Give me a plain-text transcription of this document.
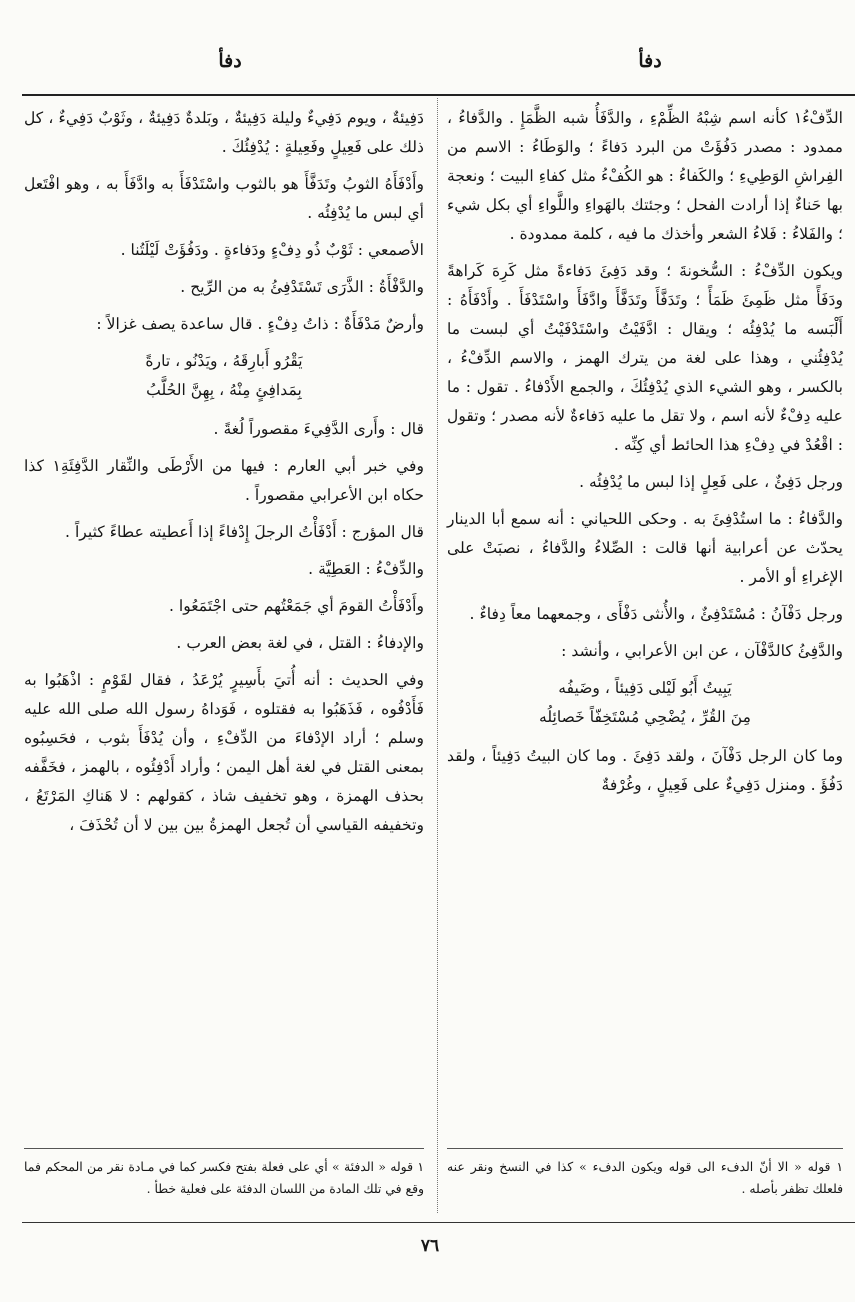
دفأ
دفأ

الدِّفْءُ١ كأنه اسم شِبْهُ الظِّمْءِ ، والدَّفَأُ شبه الظَّمَإِ . والدَّفاءُ ، ممدود : مصدر دَفُؤَتْ من البرد دَفاءً ؛ والوَطَاءُ : الاسم من الفِراشِ الوَطِيءِ ؛ والكَفاءُ : هو الكُفْءُ مثل كفاءِ البيت ؛ ونعجة بها حَناءٌ إذا أرادت الفحل ؛ وجئتك بالهَواءِ واللَّواءِ أي بكل شيء ؛ والفَلاءُ : فَلاءُ الشعر وأخذك ما فيه ، كلمة ممدودة .

ويكون الدِّفْءُ : السُّخونةَ ؛ وقد دَفِئَ دَفاءةً مثل كَرِهَ كَراهةً ودَفَأً مثل ظَمِئَ ظَمَأً ؛ وتَدَفَّأَ وتَدَفَّأَ وادَّفَأَ واسْتَدْفَأَ . وأَدْفَأَهُ : أَلْبَسه ما يُدْفِئُه ؛ ويقال : ادَّفَيْتُ واسْتَدْفَيْتُ أي لبست ما يُدْفِئُني ، وهذا على لغة من يترك الهمز ، والاسم الدِّفْءُ ، بالكسر ، وهو الشيء الذي يُدْفِئُكَ ، والجمع الأَدْفاءُ . تقول : ما عليه دِفْءٌ لأنه اسم ، ولا تقل ما عليه دَفاءةٌ لأنه مصدر ؛ وتقول : اقْعُدْ في دِفْءِ هذا الحائط أي كِنِّه .

ورجل دَفِئٌ ، على فَعِلٍ إذا لبس ما يُدْفِئُه .

والدَّفاءُ : ما استُدْفِئَ به . وحكى اللحياني : أنه سمع أبا الدينار يحدّث عن أعرابية أنها قالت : الصِّلاءُ والدَّفاءُ ، نصبَتْ على الإغراءِ أو الأمر .

ورجل دَفْآنُ : مُسْتَدْفِئٌ ، والأُنثى دَفْأَى ، وجمعهما معاً دِفاءٌ .

والدَّفِئُ كالدَّفْآن ، عن ابن الأعرابي ، وأنشد :

يَبِيتُ أَبُو لَيْلى دَفِيئاً ، وضَيفُه
مِنَ القُرِّ ، يُضْحِي مُسْتَخِفّاً خَصائِلُه

وما كان الرجل دَفْآنَ ، ولقد دَفِئَ . وما كان البيتُ دَفِيئاً ، ولقد دَفُؤَ . ومنزل دَفِيءٌ على فَعِيلٍ ، وغُرْفةٌ

دَفِيئةٌ ، ويوم دَفِيءٌ وليلة دَفِيئةٌ ، وبَلدةٌ دَفِيئةٌ ، وثَوْبٌ دَفِيءٌ ، كل ذلك على فَعِيلٍ وفَعِيلةٍ : يُدْفِئُكَ .

وأَدْفَأَهُ الثوبُ وتَدَفَّأَ هو بالثوب واسْتَدْفَأَ به وادَّفَأَ به ، وهو افْتَعل أي لبس ما يُدْفِئُه .

الأصمعي : ثَوْبٌ ذُو دِفْءٍ ودَفاءةٍ . ودَفُؤَتْ لَيْلَتُنا .

والدَّفْأَةُ : الذَّرَى تَسْتَدْفِئُ به من الرِّيح .

وأرضٌ مَدْفَأَةٌ : ذاتُ دِفْءٍ . قال ساعدة يصف غزالاً :

يَقْرُو أَبارِقَهُ ، ويَدْنُو ، تارةً
بِمَدافِئٍ مِنْهُ ، بِهِنَّ الحُلَّبُ

قال : وأَرى الدَّفِيءَ مقصوراً لُغةً .

وفي خبر أبي العارم : فيها من الأَرْطَى والنِّقار الدَّفِئَةِ١ كذا حكاه ابن الأعرابي مقصوراً .

قال المؤرج : أَدْفَأْتُ الرجلَ إِدْفاءً إذا أَعطيته عطاءً كثيراً .

والدِّفْءُ : العَطِيَّة .

وأَدْفَأْتُ القومَ أي جَمَعْتُهم حتى اجْتَمَعُوا .

والإدفاءُ : القتل ، في لغة بعض العرب .

وفي الحديث : أنه أُتيَ بأَسِيرٍ يُرْعَدُ ، فقال لقَوْمٍ : اذْهَبُوا به فَأَدْفُوه ، فَذَهَبُوا به فقتلوه ، فَوَداهُ رسول الله صلى الله عليه وسلم ؛ أراد الإدْفاءَ من الدِّفْءِ ، وأن يُدْفَأَ بثوب ، فحَسِبُوه بمعنى القتل في لغة أهل اليمن ؛ وأراد أَدْفِئُوه ، بالهمز ، فخَفَّفه بحذف الهمزة ، وهو تخفيف شاذ ، كقولهم : لا هَناكِ المَرْتَعُ ، وتخفيفه القياسي أن تُجعل الهمزةُ بين بين لا أن تُحْذَفَ ،

١ قوله « الا أنّ الدفء الى قوله ويكون الدفء » كذا في النسخ ونقر عنه فلعلك تظفر بأصله .
١ قوله « الدفئة » أي على فعلة بفتح فكسر كما في مـادة نقر من المحكم فما وقع في تلك المادة من اللسان الدفئة على فعلية خطأ .
٧٦
